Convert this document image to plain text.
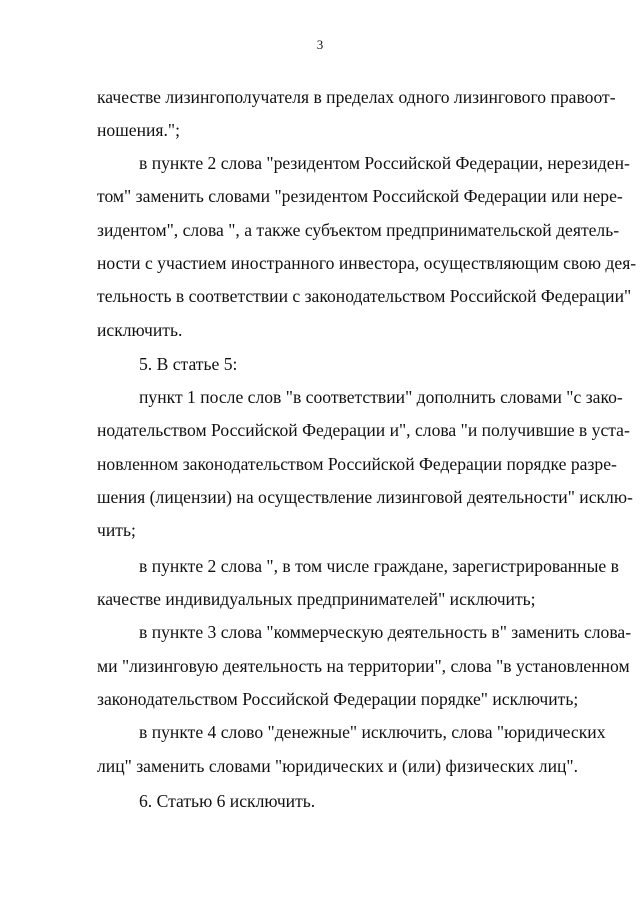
3
качестве лизингополучателя в пределах одного лизингового правоот-
ношения.";
в пункте 2 слова "резидентом Российской Федерации, нерезиден-
том" заменить словами "резидентом Российской Федерации или нере-
зидентом", слова ", а также субъектом предпринимательской деятель-
ности с участием иностранного инвестора, осуществляющим свою дея-
тельность в соответствии с законодательством Российской Федерации"
исключить.
5. В статье 5:
пункт 1 после слов "в соответствии" дополнить словами "с зако-
нодательством Российской Федерации и", слова "и получившие в уста-
новленном законодательством Российской Федерации порядке разре-
шения (лицензии) на осуществление лизинговой деятельности" исклю-
чить;
в пункте 2 слова ", в том числе граждане, зарегистрированные в
качестве индивидуальных предпринимателей" исключить;
в пункте 3 слова "коммерческую деятельность в" заменить слова-
ми "лизинговую деятельность на территории", слова "в установленном
законодательством Российской Федерации порядке" исключить;
в пункте 4 слово "денежные" исключить, слова "юридических
лиц" заменить словами "юридических и (или) физических лиц".
6. Статью 6 исключить.
